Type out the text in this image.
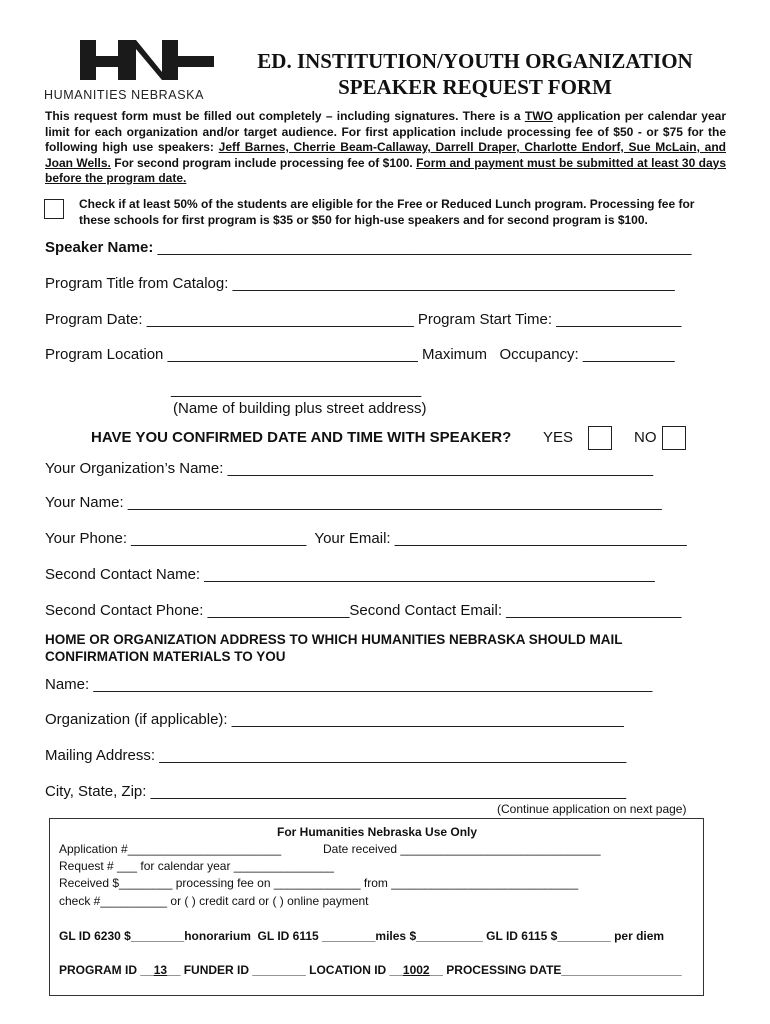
HUMANITIES NEBRASKA
ED. INSTITUTION/YOUTH ORGANIZATION
SPEAKER REQUEST FORM
This request form must be filled out completely – including signatures. There is a TWO application per calendar year limit for each organization and/or target audience. For first application include processing fee of $50 - or $75 for the following high use speakers: Jeff Barnes, Cherrie Beam-Callaway, Darrell Draper, Charlotte Endorf, Sue McLain, and Joan Wells. For second program include processing fee of $100. Form and payment must be submitted at least 30 days before the program date.
Check if at least 50% of the students are eligible for the Free or Reduced Lunch program. Processing fee for these schools for first program is $35 or $50 for high-use speakers and for second program is $100.
Speaker Name: ________________________________________________________________
Program Title from Catalog: _____________________________________________________
Program Date: ________________________________ Program Start Time: _______________
Program Location ______________________________ Maximum   Occupancy: ___________
______________________________
(Name of building plus street address)
HAVE YOU CONFIRMED DATE AND TIME WITH SPEAKER? YES	NO
Your Organization’s Name: ___________________________________________________
Your Name: ________________________________________________________________
Your Phone: _____________________  Your Email: ___________________________________
Second Contact Name: ______________________________________________________
Second Contact Phone: _________________Second Contact Email: _____________________
HOME OR ORGANIZATION ADDRESS TO WHICH HUMANITIES NEBRASKA SHOULD MAIL CONFIRMATION MATERIALS TO YOU
Name: ___________________________________________________________________
Organization (if applicable): _______________________________________________
Mailing Address: ________________________________________________________
City, State, Zip: _________________________________________________________
(Continue application on next page)
For Humanities Nebraska Use Only
Application #_______________________	Date received ______________________________
Request # ___ for calendar year _______________
Received $________ processing fee on _____________ from ____________________________
check #__________ or ( ) credit card or ( ) online payment
GL ID 6230 $________honorarium  GL ID 6115 ________miles $__________ GL ID 6115 $________ per diem
PROGRAM ID __13__ FUNDER ID ________ LOCATION ID __1002__ PROCESSING DATE__________________
